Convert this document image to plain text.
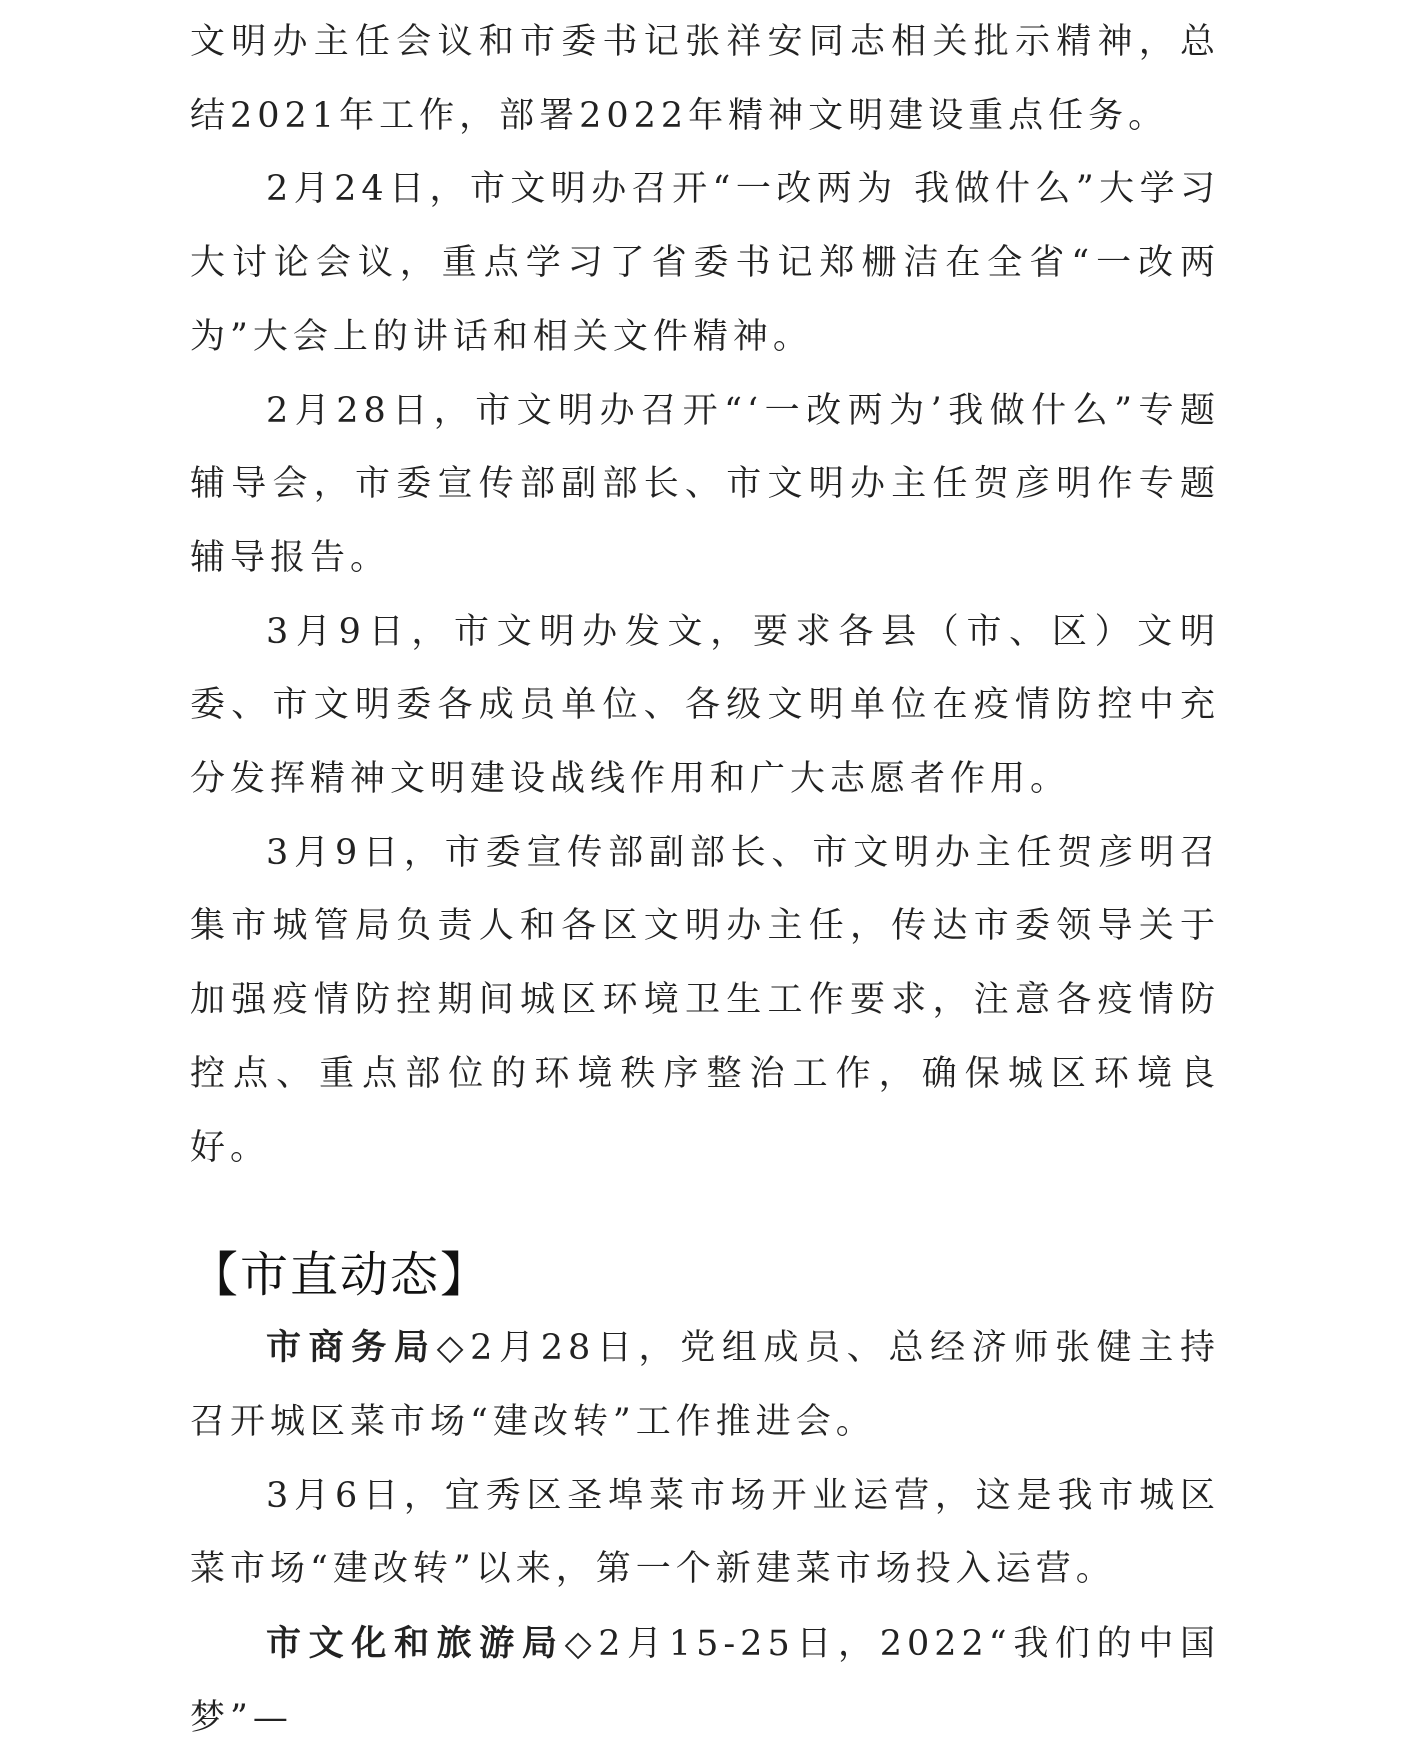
文明办主任会议和市委书记张祥安同志相关批示精神，总结2021年工作，部署2022年精神文明建设重点任务。

2月24日，市文明办召开“一改两为 我做什么”大学习大讨论会议，重点学习了省委书记郑栅洁在全省“一改两为”大会上的讲话和相关文件精神。

2月28日，市文明办召开“‘一改两为’我做什么”专题辅导会，市委宣传部副部长、市文明办主任贺彦明作专题辅导报告。

3月9日，市文明办发文，要求各县（市、区）文明委、市文明委各成员单位、各级文明单位在疫情防控中充分发挥精神文明建设战线作用和广大志愿者作用。

3月9日，市委宣传部副部长、市文明办主任贺彦明召集市城管局负责人和各区文明办主任，传达市委领导关于加强疫情防控期间城区环境卫生工作要求，注意各疫情防控点、重点部位的环境秩序整治工作，确保城区环境良好。

【市直动态】

市商务局◇2月28日，党组成员、总经济师张健主持召开城区菜市场“建改转”工作推进会。

3月6日，宜秀区圣埠菜市场开业运营，这是我市城区菜市场“建改转”以来，第一个新建菜市场投入运营。

市文化和旅游局◇2月15-25日，2022“我们的中国梦”—
